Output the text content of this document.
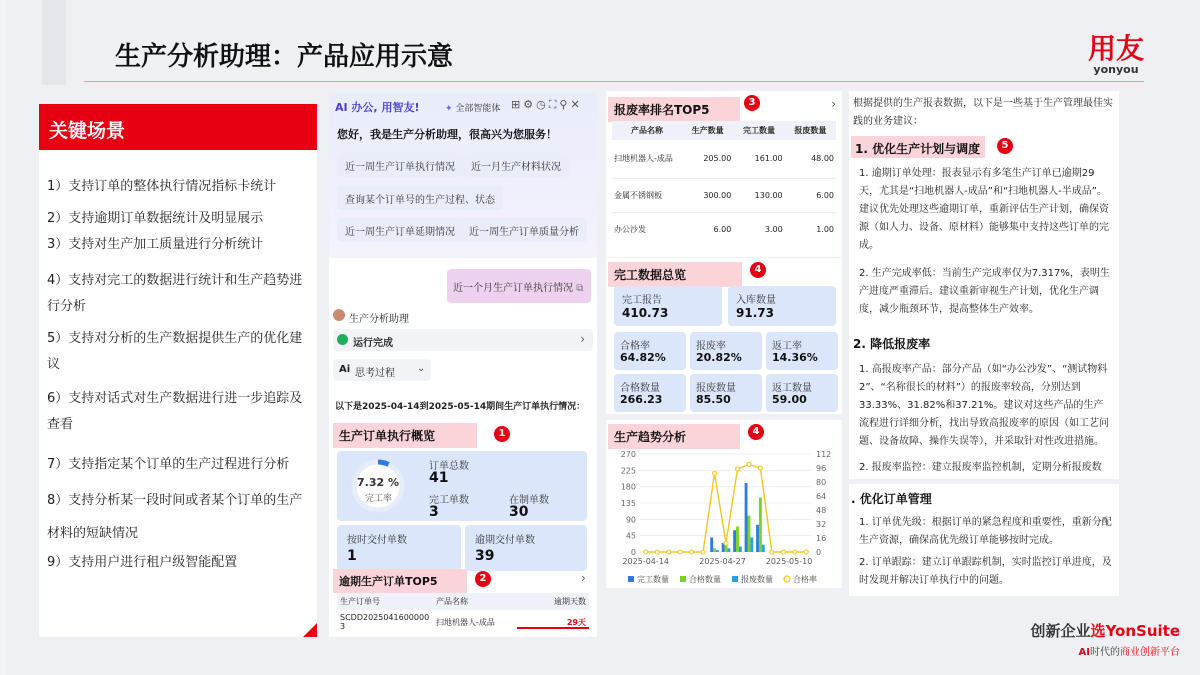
生产分析助理：产品应用示意	用友
yonyou
关键场景
1）支持订单的整体执行情况指标卡统计
2）支持逾期订单数据统计及明显展示
3）支持对生产加工质量进行分析统计
4）支持对完工的数据进行统计和生产趋势进行分析
5）支持对分析的生产数据提供生产的优化建议
6）支持对话式对生产数据进行进一步追踪及查看
7）支持指定某个订单的生产过程进行分析
8）支持分析某一段时间或者某个订单的生产材料的短缺情况
9）支持用户进行租户级智能配置
AI 办公, 用智友!	✦ 全部智能体 ⊞⚙◷⛶⚲✕
您好，我是生产分析助理，很高兴为您服务！
近一周生产订单执行情况	近一月生产材料状况
查询某个订单号的生产过程、状态
近一周生产订单延期情况	近一周生产订单质量分析
近一个月生产订单执行情况 ⧉
生产分析助理
运行完成	›
Ai 思考过程 ⌄
以下是2025-04-14到2025-05-14期间生产订单执行情况：
生产订单执行概览	1
7.32 %
完工率
订单总数
41
完工单数
3
在制单数
30
按时交付单数
1
逾期交付单数
39
逾期生产订单TOP5	2	›
生产订单号	产品名称	逾期天数
SCDD20250416000003	扫地机器人-成品	29天
报废率排名TOP5
3	›
产品名称	生产数量	完工数量	报废数量
扫地机器人-成品	205.00	161.00	48.00
金属不锈钢板	300.00	130.00	6.00
办公沙发	6.00	3.00	1.00
完工数据总览	4
完工报告
410.73
入库数量
91.73
合格率
64.82%
报废率
20.82%
返工率
14.36%
合格数量
266.23
报废数量
85.50
返工数量
59.00
生产趋势分析	4
0
45
90
135
180
225
270
0
16
32
48
64
80
96
112
2025-04-14	2025-04-27	2025-05-10
完工数量	合格数量	报废数量	合格率
根据提供的生产报表数据，以下是一些基于生产管理最佳实践的业务建议：
1. 优化生产计划与调度	5
1. 逾期订单处理：报表显示有多笔生产订单已逾期29天，尤其是“扫地机器人-成品”和“扫地机器人-半成品”。建议优先处理这些逾期订单，重新评估生产计划，确保资源（如人力、设备、原材料）能够集中支持这些订单的完成。
2. 生产完成率低：当前生产完成率仅为7.317%，表明生产进度严重滞后。建议重新审视生产计划，优化生产调度，减少瓶颈环节，提高整体生产效率。
2. 降低报废率
1. 高报废率产品：部分产品（如“办公沙发”、“测试物料2”、“名称很长的材料”）的报废率较高，分别达到33.33%、31.82%和37.21%。建议对这些产品的生产流程进行详细分析，找出导致高报废率的原因（如工艺问题、设备故障、操作失误等），并采取针对性改进措施。
2. 报废率监控：建立报废率监控机制，定期分析报废数
. 优化订单管理
1. 订单优先级：根据订单的紧急程度和重要性，重新分配生产资源，确保高优先级订单能够按时完成。
2. 订单跟踪：建立订单跟踪机制，实时监控订单进度，及时发现并解决订单执行中的问题。
创新企业选YonSuite
AI时代的商业创新平台
